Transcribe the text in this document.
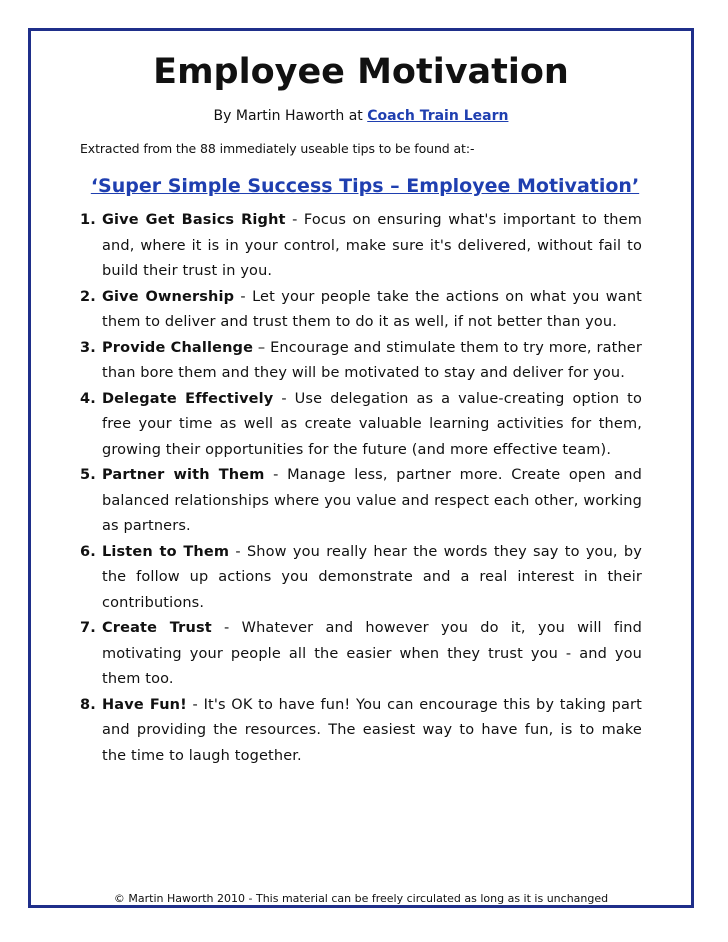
Employee Motivation
By Martin Haworth at Coach Train Learn
Extracted from the 88 immediately useable tips to be found at:-
‘Super Simple Success Tips – Employee Motivation’
1. Give Get Basics Right - Focus on ensuring what's important to them and, where it is in your control, make sure it's delivered, without fail to build their trust in you.
2. Give Ownership - Let your people take the actions on what you want them to deliver and trust them to do it as well, if not better than you.
3. Provide Challenge – Encourage and stimulate them to try more, rather than bore them and they will be motivated to stay and deliver for you.
4. Delegate Effectively - Use delegation as a value-creating option to free your time as well as create valuable learning activities for them, growing their opportunities for the future (and more effective team).
5. Partner with Them - Manage less, partner more. Create open and balanced relationships where you value and respect each other, working as partners.
6. Listen to Them - Show you really hear the words they say to you, by the follow up actions you demonstrate and a real interest in their contributions.
7. Create Trust - Whatever and however you do it, you will find motivating your people all the easier when they trust you - and you them too.
8. Have Fun! - It's OK to have fun! You can encourage this by taking part and providing the resources. The easiest way to have fun, is to make the time to laugh together.
© Martin Haworth 2010 - This material can be freely circulated as long as it is unchanged
